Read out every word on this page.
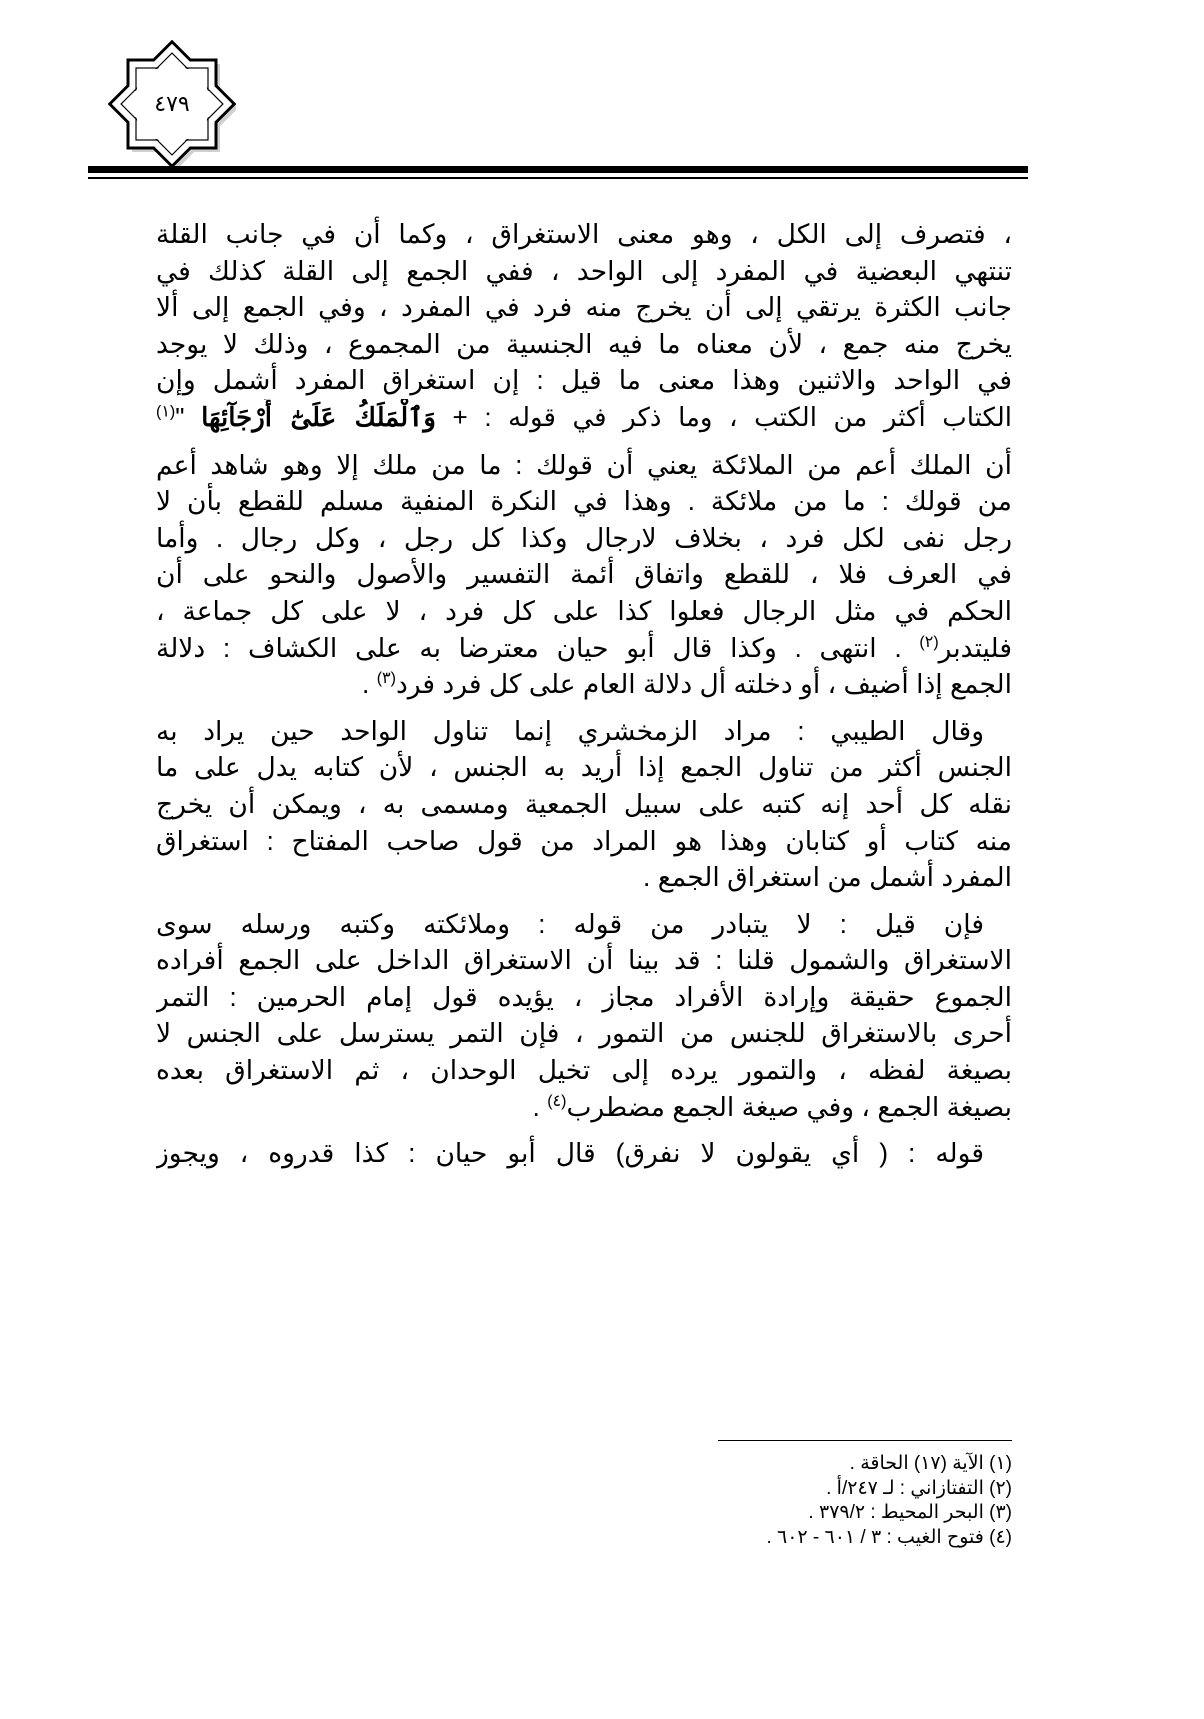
٤٧٩
، فتصرف إلى الكل ، وهو معنى الاستغراق ، وكما أن في جانب القلة
تنتهي البعضية في المفرد إلى الواحد ، ففي الجمع إلى القلة كذلك في
جانب الكثرة يرتقي إلى أن يخرج منه فرد في المفرد ، وفي الجمع إلى ألا
يخرج منه جمع ، لأن معناه ما فيه الجنسية من المجموع ، وذلك لا يوجد
في الواحد والاثنين وهذا معنى ما قيل : إن استغراق المفرد أشمل وإن
الكتاب أكثر من الكتب ، وما ذكر في قوله : + وَٱلْمَلَكُ عَلَىٰٓ أَرْجَآئِهَا "$^{(١)}$
أن الملك أعم من الملائكة يعني أن قولك : ما من ملك إلا وهو شاهد أعم
من قولك : ما من ملائكة . وهذا في النكرة المنفية مسلم للقطع بأن لا
رجل نفى لكل فرد ، بخلاف لارجال وكذا كل رجل ، وكل رجال . وأما
في العرف فلا ، للقطع واتفاق أئمة التفسير والأصول والنحو على أن
الحكم في مثل الرجال فعلوا كذا على كل فرد ، لا على كل جماعة ،
فليتدبر$^{(٢)}$ . انتهى . وكذا قال أبو حيان معترضا به على الكشاف : دلالة
الجمع إذا أضيف ، أو دخلته أل دلالة العام على كل فرد فرد$^{(٣)}$ .
وقال الطيبي : مراد الزمخشري إنما تناول الواحد حين يراد به
الجنس أكثر من تناول الجمع إذا أريد به الجنس ، لأن كتابه يدل على ما
نقله كل أحد إنه كتبه على سبيل الجمعية ومسمى به ، ويمكن أن يخرج
منه كتاب أو كتابان وهذا هو المراد من قول صاحب المفتاح : استغراق
المفرد أشمل من استغراق الجمع .
فإن قيل : لا يتبادر من قوله : وملائكته وكتبه ورسله سوى
الاستغراق والشمول قلنا : قد بينا أن الاستغراق الداخل على الجمع أفراده
الجموع حقيقة وإرادة الأفراد مجاز ، يؤيده قول إمام الحرمين : التمر
أحرى بالاستغراق للجنس من التمور ، فإن التمر يسترسل على الجنس لا
بصيغة لفظه ، والتمور يرده إلى تخيل الوحدان ، ثم الاستغراق بعده
بصيغة الجمع ، وفي صيغة الجمع مضطرب$^{(٤)}$ .
قوله : ( أي يقولون لا نفرق) قال أبو حيان : كذا قدروه ، ويجوز
(١) الآية (١٧) الحاقة .
(٢) التفتازاني : لـ ٢٤٧/أ .
(٣) البحر المحيط : ٣٧٩/٢ .
(٤) فتوح الغيب : ٣ / ٦٠١ - ٦٠٢ .
